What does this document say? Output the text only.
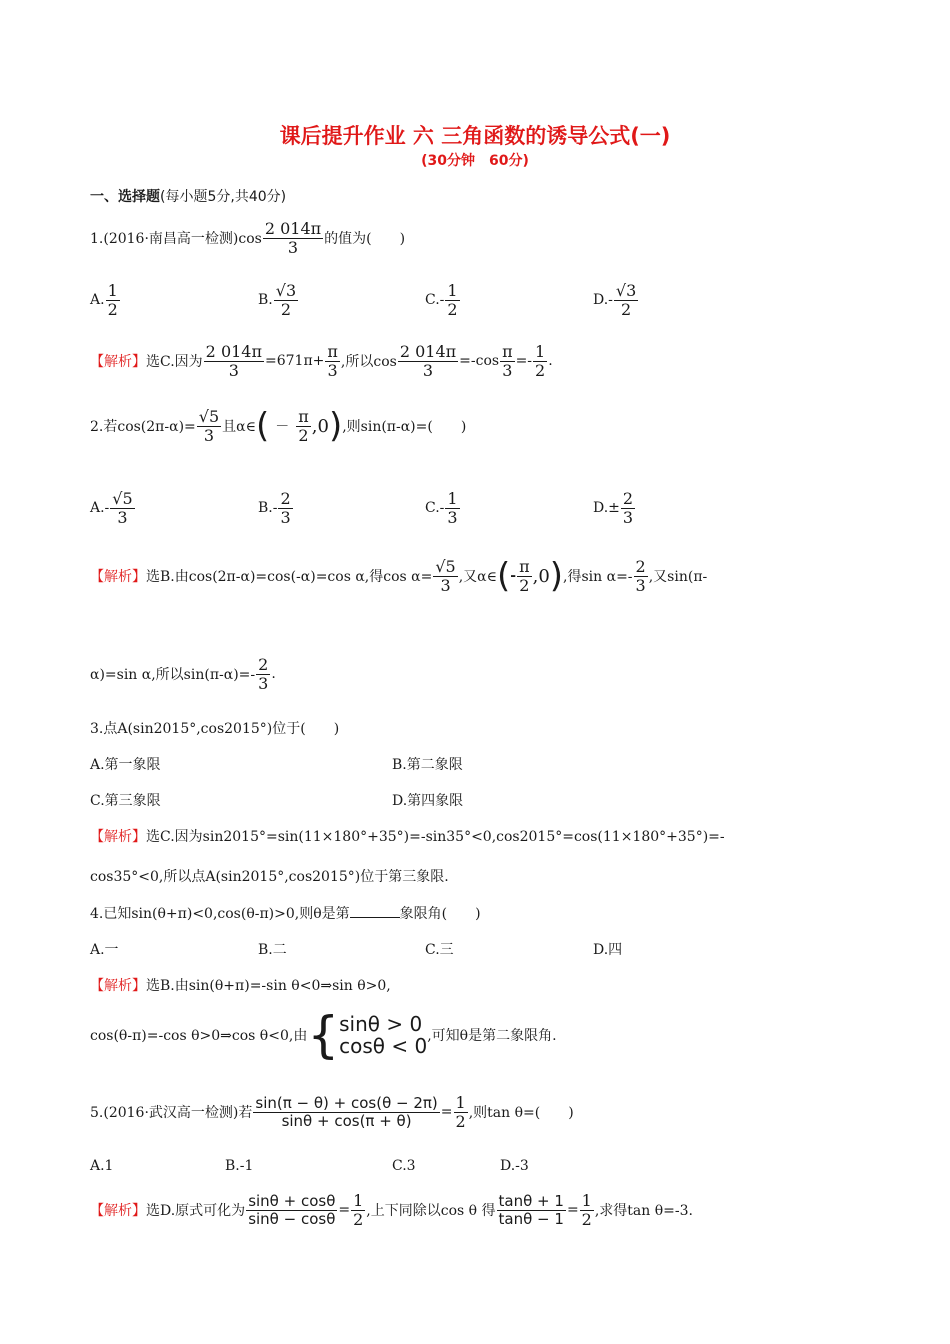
课后提升作业 六 三角函数的诱导公式(一)
(30分钟　60分)
一、选择题(每小题5分,共40分)
1.(2016·南昌高一检测)$\cos \frac{2 014\pi}{3}$ 的值为(　　)
A. $\frac{1}{2}$	B. $\frac{√3}{2}$	$C.- \frac{1}{2}$	$D.- \frac{√3}{2}$
【解析】 选C.因为 $\frac{2 014\pi}{3} =671\pi+ \frac{\pi}{3}$ ,所以$\cos \frac{2 014\pi}{3} =-\cos \frac{\pi}{3} =- \frac{1}{2}$ .
2.若$\cos(2\pi-\alpha)= \frac{√5}{3}$ 且α∈ ( － $\frac{\pi}{2} ,0$ ) ,则sin(π-α)=(　　)
$A.- \frac{√5}{3}$	$B.- \frac{2}{3}$	$C.- \frac{1}{3}$	$D.\pm \frac{2}{3}$
【解析】 选B.由cos(2π-α)=cos(-α)=cos α,得$\cos \alpha= \frac{√5}{3}$ ,又α∈ ( - $\frac{\pi}{2} ,0$ ) ,得$\sin \alpha=- \frac{2}{3}$ ,又sin(π-
α)=sin α,所以$\sin(\pi-\alpha)=- \frac{2}{3}$ .
3.点A(sin2015°,cos2015°)位于(　　)
A.第一象限	B.第二象限
C.第三象限	D.第四象限
【解析】选C.因为sin2015°=sin(11×180°+35°)=-sin35°<0,cos2015°=cos(11×180°+35°)=-
cos35°<0,所以点A(sin2015°,cos2015°)位于第三象限.
4.已知sin(θ+π)<0,cos(θ-π)>0,则θ是第	象限角(　　)
A.一	B.二	C.三	D.四
【解析】选B.由sin(θ+π)=-sin θ<0⇒sin θ>0,
cos(θ-π)=-cos θ>0⇒cos θ<0,由 { sinθ > 0
cosθ < 0 ,可知θ是第二象限角.
5.(2016·武汉高一检测)若 $\frac{\sin(\pi - \theta) + \cos(\theta - 2\pi)}{\sin\theta + \cos(\pi + \theta)} = \frac{1}{2}$ ,则tan θ=(　　)
A.1	B.-1	C.3	D.-3
【解析】 选D.原式可化为 $\frac{\sin\theta + \cos\theta}{\sin\theta - \cos\theta} = \frac{1}{2}$ ,上下同除以cos θ 得 $\frac{\tan\theta + 1}{\tan\theta - 1} = \frac{1}{2}$ ,求得tan θ=-3.
